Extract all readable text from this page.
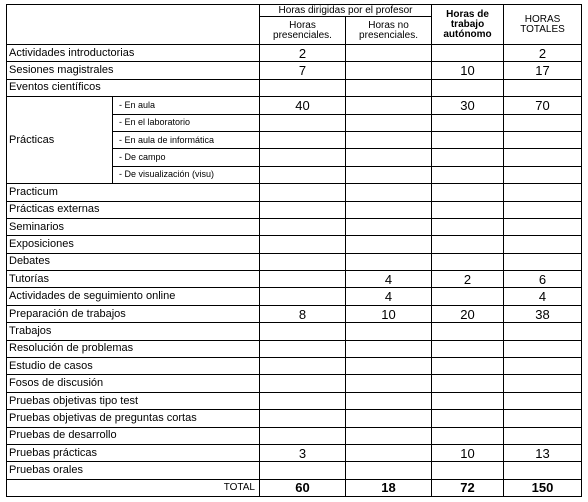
		Horas dirigidas por el profesor		Horas de trabajo autónomo	HORAS TOTALES
		Horas presenciales.	Horas no presenciales.		
Actividades introductorias		2			2
Sesiones magistrales		7		10	17
Eventos científicos					
Prácticas	- En aula	40		30	70
	- En el laboratorio				
	- En aula de informática				
	- De campo				
	- De visualización (visu)				
Practicum					
Prácticas externas					
Seminarios					
Exposiciones					
Debates					
Tutorías			4	2	6
Actividades de seguimiento online			4		4
Preparación de trabajos		8	10	20	38
Trabajos					
Resolución de problemas					
Estudio de casos					
Fosos de discusión					
Pruebas objetivas tipo test					
Pruebas objetivas de preguntas cortas					
Pruebas de desarrollo					
Pruebas prácticas		3		10	13
Pruebas orales					
TOTAL		60	18	72	150
